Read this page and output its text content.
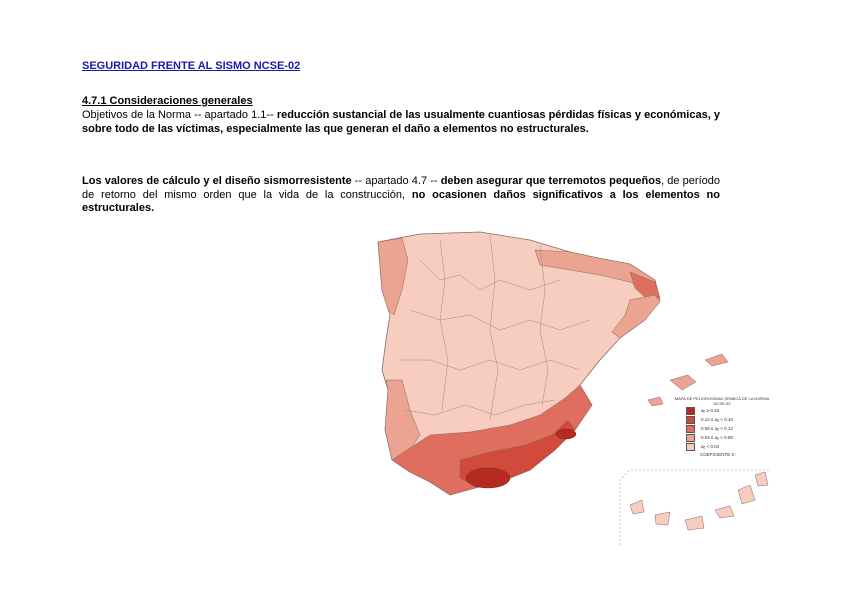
SEGURIDAD FRENTE AL SISMO NCSE-02
4.7.1 Consideraciones generales
Objetivos de la Norma -- apartado 1.1-- reducción sustancial de las usualmente cuantiosas pérdidas físicas y económicas, y sobre todo de las víctimas, especialmente las que generan el daño a elementos no estructurales.
Los valores de cálculo y el diseño sismorresistente -- apartado 4.7 -- deben asegurar que terremotos pequeños, de período de retorno del mismo orden que la vida de la construcción, no ocasionen daños significativos a los elementos no estructurales.
MAPA DE PELIGROSIDAD SÍSMICA DE LA NORMA NCSE-02
aᵦ ≥ 0.16
0.12 ≤ aᵦ < 0.16
0.08 ≤ aᵦ < 0.12
0.04 ≤ aᵦ < 0.08
aᵦ < 0.04
COEFICIENTE K:
